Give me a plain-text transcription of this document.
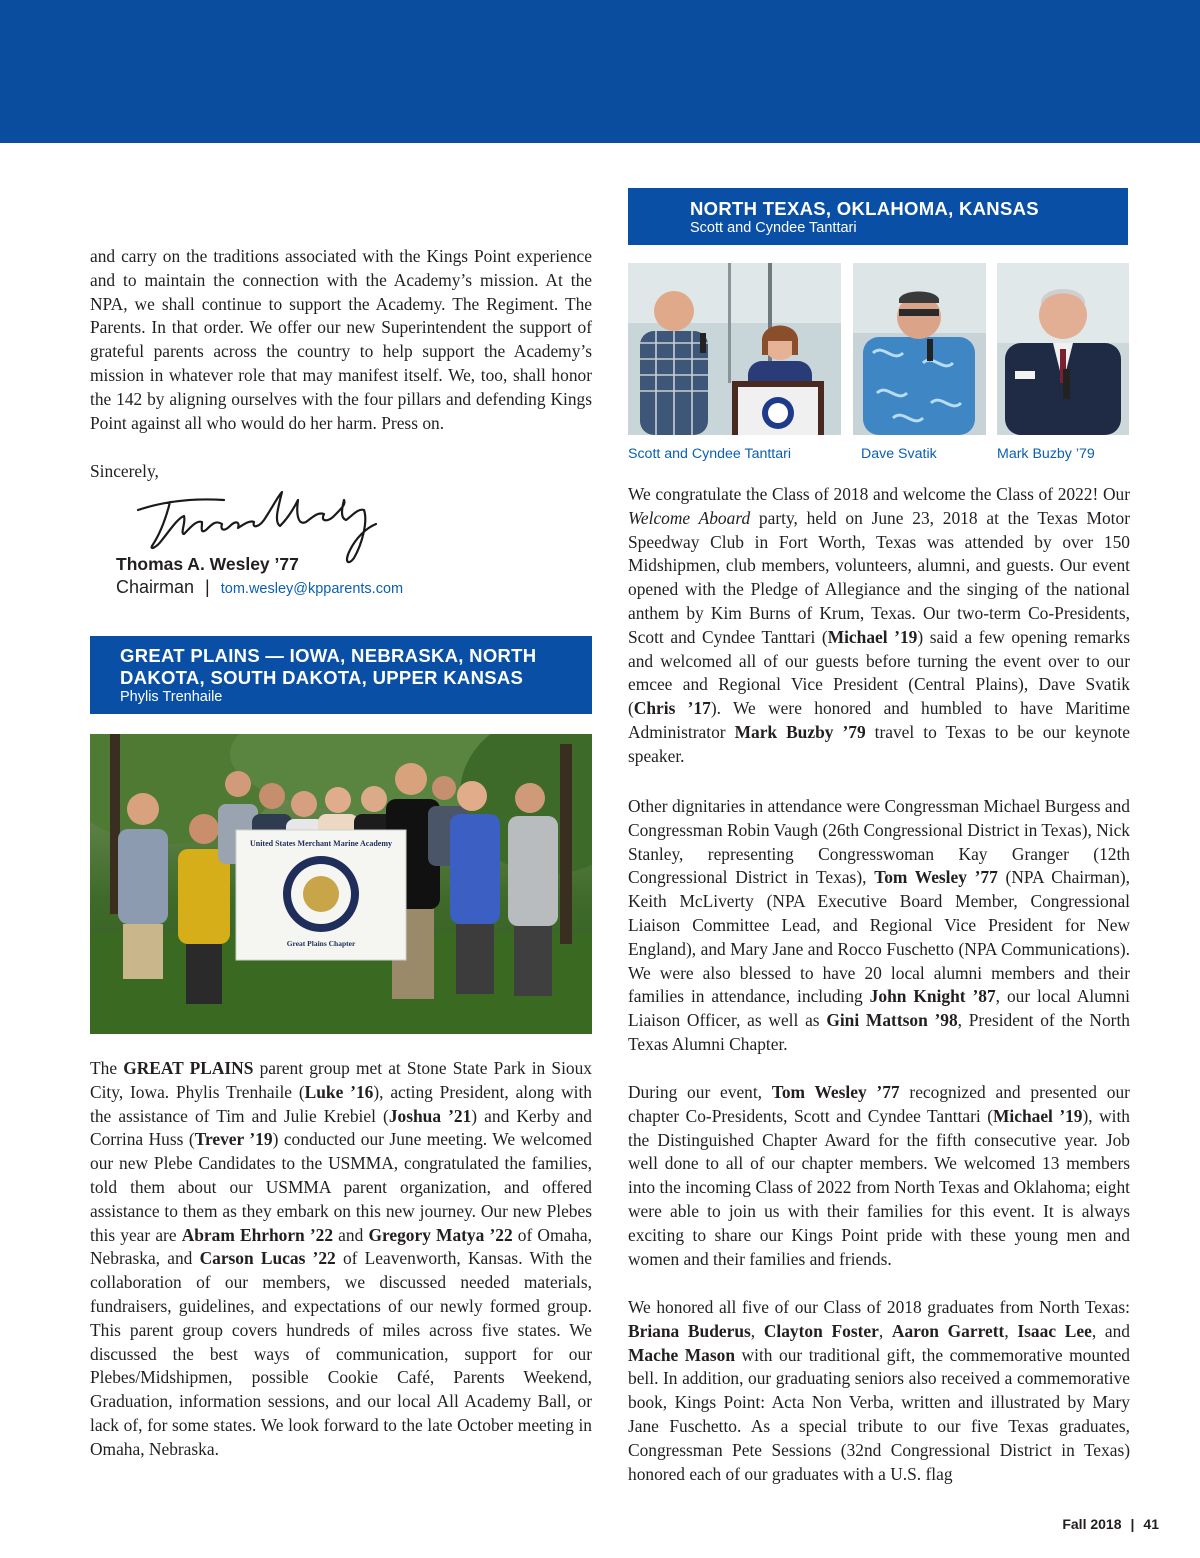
and carry on the traditions associated with the Kings Point experience and to maintain the connection with the Academy’s mission. At the NPA, we shall continue to support the Academy. The Regiment. The Parents. In that order. We offer our new Superintendent the support of grateful parents across the country to help support the Academy’s mission in whatever role that may manifest itself. We, too, shall honor the 142 by aligning ourselves with the four pillars and defending Kings Point against all who would do her harm. Press on.

Sincerely,

Thomas A. Wesley ’77
Chairman | tom.wesley@kpparents.com
GREAT PLAINS — IOWA, NEBRASKA, NORTH DAKOTA, SOUTH DAKOTA, UPPER KANSAS
Phylis Trenhaile
United States Merchant Marine Academy
Great Plains Chapter

The GREAT PLAINS parent group met at Stone State Park in Sioux City, Iowa. Phylis Trenhaile (Luke ’16), acting President, along with the assistance of Tim and Julie Krebiel (Joshua ’21) and Kerby and Corrina Huss (Trever ’19) conducted our June meeting. We welcomed our new Plebe Candidates to the USMMA, congratulated the families, told them about our USMMA parent organization, and offered assistance to them as they embark on this new journey. Our new Plebes this year are Abram Ehrhorn ’22 and Gregory Matya ’22 of Omaha, Nebraska, and Carson Lucas ’22 of Leavenworth, Kansas. With the collaboration of our members, we discussed needed materials, fundraisers, guidelines, and expectations of our newly formed group. This parent group covers hundreds of miles across five states. We discussed the best ways of communication, support for our Plebes/Midshipmen, possible Cookie Café, Parents Weekend, Graduation, information sessions, and our local All Academy Ball, or lack of, for some states. We look forward to the late October meeting in Omaha, Nebraska.

NORTH TEXAS, OKLAHOMA, KANSAS
Scott and Cyndee Tanttari
Scott and Cyndee Tanttari	Dave Svatik	Mark Buzby ’79

We congratulate the Class of 2018 and welcome the Class of 2022! Our Welcome Aboard party, held on June 23, 2018 at the Texas Motor Speedway Club in Fort Worth, Texas was attended by over 150 Midshipmen, club members, volunteers, alumni, and guests. Our event opened with the Pledge of Allegiance and the singing of the national anthem by Kim Burns of Krum, Texas. Our two-term Co-Presidents, Scott and Cyndee Tanttari (Michael ’19) said a few opening remarks and welcomed all of our guests before turning the event over to our emcee and Regional Vice President (Central Plains), Dave Svatik (Chris ’17). We were honored and humbled to have Maritime Administrator Mark Buzby ’79 travel to Texas to be our keynote speaker.

Other dignitaries in attendance were Congressman Michael Burgess and Congressman Robin Vaugh (26th Congressional District in Texas), Nick Stanley, representing Congresswoman Kay Granger (12th Congressional District in Texas), Tom Wesley ’77 (NPA Chairman), Keith McLiverty (NPA Executive Board Member, Congressional Liaison Committee Lead, and Regional Vice President for New England), and Mary Jane and Rocco Fuschetto (NPA Communications). We were also blessed to have 20 local alumni members and their families in attendance, including John Knight ’87, our local Alumni Liaison Officer, as well as Gini Mattson ’98, President of the North Texas Alumni Chapter.

During our event, Tom Wesley ’77 recognized and presented our chapter Co-Presidents, Scott and Cyndee Tanttari (Michael ’19), with the Distinguished Chapter Award for the fifth consecutive year. Job well done to all of our chapter members. We welcomed 13 members into the incoming Class of 2022 from North Texas and Oklahoma; eight were able to join us with their families for this event. It is always exciting to share our Kings Point pride with these young men and women and their families and friends.

We honored all five of our Class of 2018 graduates from North Texas: Briana Buderus, Clayton Foster, Aaron Garrett, Isaac Lee, and Mache Mason with our traditional gift, the commemorative mounted bell. In addition, our graduating seniors also received a commemorative book, Kings Point: Acta Non Verba, written and illustrated by Mary Jane Fuschetto. As a special tribute to our five Texas graduates, Congressman Pete Sessions (32nd Congressional District in Texas) honored each of our graduates with a U.S. flag

Fall 2018 | 41
